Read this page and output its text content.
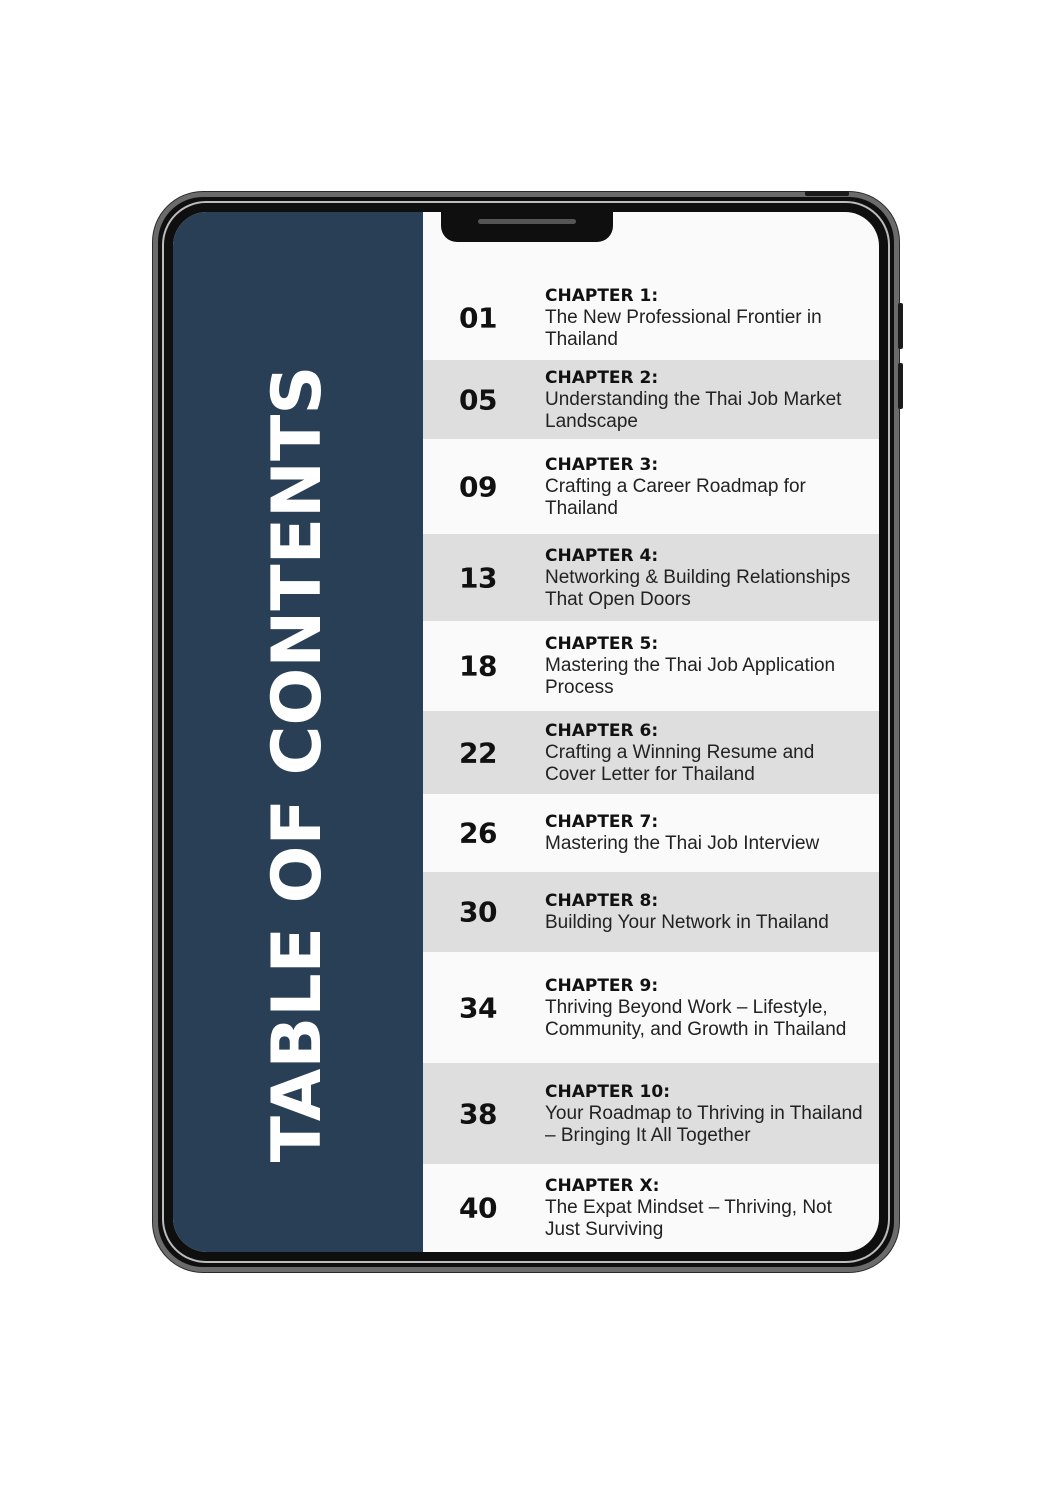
TABLE OF CONTENTS
01
CHAPTER 1:
The New Professional Frontier in Thailand
05
CHAPTER 2:
Understanding the Thai Job Market Landscape
09
CHAPTER 3:
Crafting a Career Roadmap for Thailand
13
CHAPTER 4:
Networking & Building Relationships That Open Doors
18
CHAPTER 5:
Mastering the Thai Job Application Process
22
CHAPTER 6:
Crafting a Winning Resume and Cover Letter for Thailand
26	CHAPTER 7:
Mastering the Thai Job Interview
30	CHAPTER 8:
Building Your Network in Thailand
34
CHAPTER 9:
Thriving Beyond Work – Lifestyle, Community, and Growth in Thailand
38
CHAPTER 10:
Your Roadmap to Thriving in Thailand – Bringing It All Together
40
CHAPTER X:
The Expat Mindset – Thriving, Not Just Surviving
